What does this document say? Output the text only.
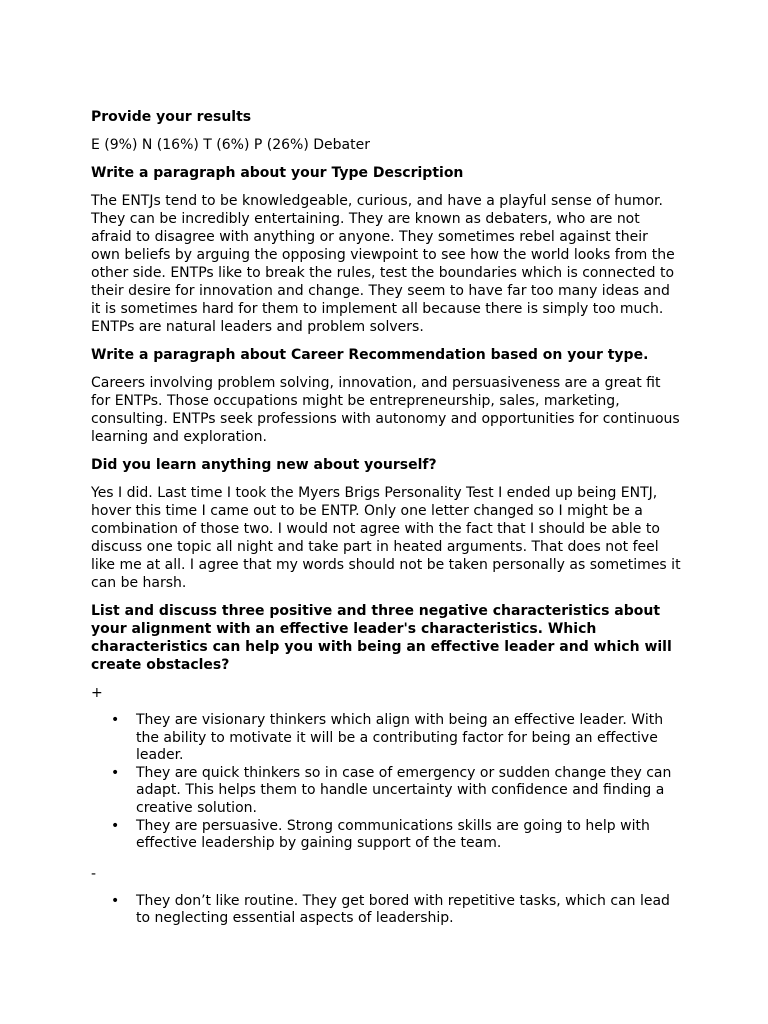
Provide your results

E (9%) N (16%) T (6%) P (26%) Debater

Write a paragraph about your Type Description

The ENTJs tend to be knowledgeable, curious, and have a playful sense of humor. They can be incredibly entertaining. They are known as debaters, who are not afraid to disagree with anything or anyone. They sometimes rebel against their own beliefs by arguing the opposing viewpoint to see how the world looks from the other side. ENTPs like to break the rules, test the boundaries which is connected to their desire for innovation and change. They seem to have far too many ideas and it is sometimes hard for them to implement all because there is simply too much. ENTPs are natural leaders and problem solvers.

Write a paragraph about Career Recommendation based on your type.

Careers involving problem solving, innovation, and persuasiveness are a great fit for ENTPs. Those occupations might be entrepreneurship, sales, marketing, consulting. ENTPs seek professions with autonomy and opportunities for continuous learning and exploration.

Did you learn anything new about yourself?

Yes I did. Last time I took the Myers Brigs Personality Test I ended up being ENTJ, hover this time I came out to be ENTP. Only one letter changed so I might be a combination of those two. I would not agree with the fact that I should be able to discuss one topic all night and take part in heated arguments. That does not feel like me at all. I agree that my words should not be taken personally as sometimes it can be harsh.

List and discuss three positive and three negative characteristics about your alignment with an effective leader's characteristics. Which characteristics can help you with being an effective leader and which will create obstacles?

+

• They are visionary thinkers which align with being an effective leader. With the ability to motivate it will be a contributing factor for being an effective leader.
• They are quick thinkers so in case of emergency or sudden change they can adapt. This helps them to handle uncertainty with confidence and finding a creative solution.
• They are persuasive. Strong communications skills are going to help with effective leadership by gaining support of the team.

-

• They don’t like routine. They get bored with repetitive tasks, which can lead to neglecting essential aspects of leadership.
